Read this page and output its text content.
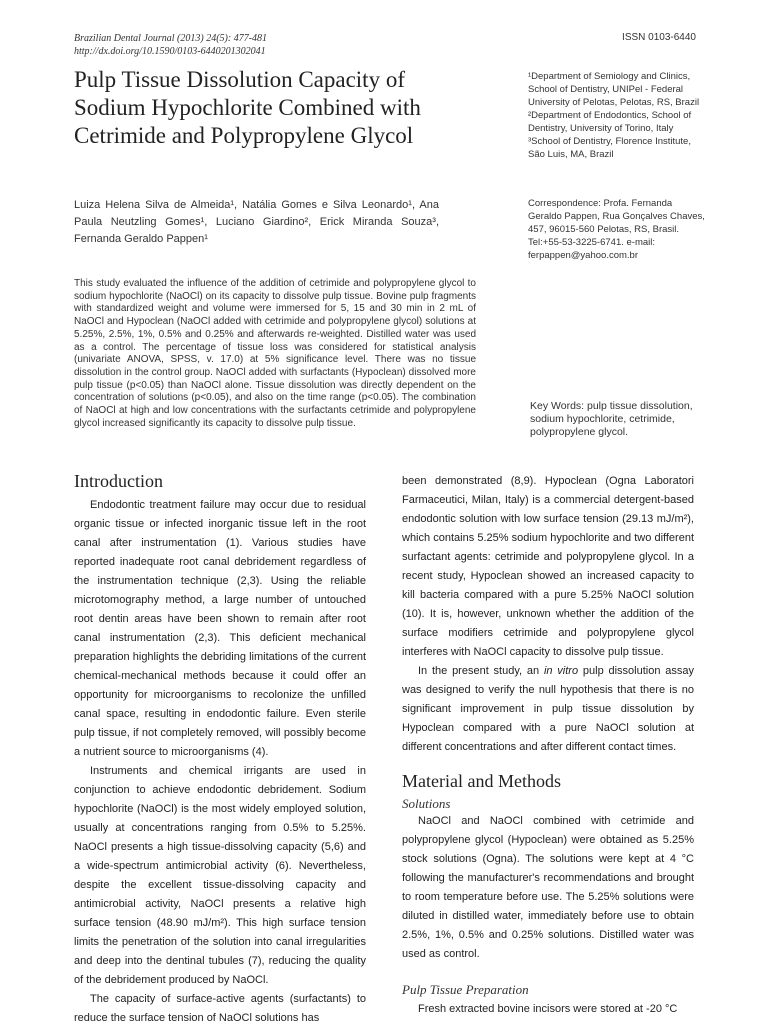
Brazilian Dental Journal (2013) 24(5): 477-481
http://dx.doi.org/10.1590/0103-6440201302041
ISSN 0103-6440
Pulp Tissue Dissolution Capacity of Sodium Hypochlorite Combined with Cetrimide and Polypropylene Glycol
¹Department of Semiology and Clinics, School of Dentistry, UNIPel - Federal University of Pelotas, Pelotas, RS, Brazil
²Department of Endodontics, School of Dentistry, University of Torino, Italy
³School of Dentistry, Florence Institute, São Luis, MA, Brazil
Luiza Helena Silva de Almeida¹, Natália Gomes e Silva Leonardo¹, Ana Paula Neutzling Gomes¹, Luciano Giardino², Erick Miranda Souza³, Fernanda Geraldo Pappen¹
Correspondence: Profa. Fernanda Geraldo Pappen, Rua Gonçalves Chaves, 457, 96015-560 Pelotas, RS, Brasil. Tel:+55-53-3225-6741. e-mail: ferpappen@yahoo.com.br
This study evaluated the influence of the addition of cetrimide and polypropylene glycol to sodium hypochlorite (NaOCl) on its capacity to dissolve pulp tissue. Bovine pulp fragments with standardized weight and volume were immersed for 5, 15 and 30 min in 2 mL of NaOCl and Hypoclean (NaOCl added with cetrimide and polypropylene glycol) solutions at 5.25%, 2.5%, 1%, 0.5% and 0.25% and afterwards re-weighted. Distilled water was used as a control. The percentage of tissue loss was considered for statistical analysis (univariate ANOVA, SPSS, v. 17.0) at 5% significance level. There was no tissue dissolution in the control group. NaOCl added with surfactants (Hypoclean) dissolved more pulp tissue (p<0.05) than NaOCl alone. Tissue dissolution was directly dependent on the concentration of solutions (p<0.05), and also on the time range (p<0.05). The combination of NaOCl at high and low concentrations with the surfactants cetrimide and polypropylene glycol increased significantly its capacity to dissolve pulp tissue.
Key Words: pulp tissue dissolution, sodium hypochlorite, cetrimide, polypropylene glycol.
Introduction

Endodontic treatment failure may occur due to residual organic tissue or infected inorganic tissue left in the root canal after instrumentation (1). Various studies have reported inadequate root canal debridement regardless of the instrumentation technique (2,3). Using the reliable microtomography method, a large number of untouched root dentin areas have been shown to remain after root canal instrumentation (2,3). This deficient mechanical preparation highlights the debriding limitations of the current chemical-mechanical methods because it could offer an opportunity for microorganisms to recolonize the unfilled canal space, resulting in endodontic failure. Even sterile pulp tissue, if not completely removed, will possibly become a nutrient source to microorganisms (4).

Instruments and chemical irrigants are used in conjunction to achieve endodontic debridement. Sodium hypochlorite (NaOCl) is the most widely employed solution, usually at concentrations ranging from 0.5% to 5.25%. NaOCl presents a high tissue-dissolving capacity (5,6) and a wide-spectrum antimicrobial activity (6). Nevertheless, despite the excellent tissue-dissolving capacity and antimicrobial activity, NaOCl presents a relative high surface tension (48.90 mJ/m²). This high surface tension limits the penetration of the solution into canal irregularities and deep into the dentinal tubules (7), reducing the quality of the debridement produced by NaOCl.

The capacity of surface-active agents (surfactants) to reduce the surface tension of NaOCl solutions has

been demonstrated (8,9). Hypoclean (Ogna Laboratori Farmaceutici, Milan, Italy) is a commercial detergent-based endodontic solution with low surface tension (29.13 mJ/m²), which contains 5.25% sodium hypochlorite and two different surfactant agents: cetrimide and polypropylene glycol. In a recent study, Hypoclean showed an increased capacity to kill bacteria compared with a pure 5.25% NaOCl solution (10). It is, however, unknown whether the addition of the surface modifiers cetrimide and polypropylene glycol interferes with NaOCl capacity to dissolve pulp tissue.

In the present study, an in vitro pulp dissolution assay was designed to verify the null hypothesis that there is no significant improvement in pulp tissue dissolution by Hypoclean compared with a pure NaOCl solution at different concentrations and after different contact times.

Material and Methods
Solutions

NaOCl and NaOCl combined with cetrimide and polypropylene glycol (Hypoclean) were obtained as 5.25% stock solutions (Ogna). The solutions were kept at 4 °C following the manufacturer's recommendations and brought to room temperature before use. The 5.25% solutions were diluted in distilled water, immediately before use to obtain 2.5%, 1%, 0.5% and 0.25% solutions. Distilled water was used as control.

Pulp Tissue Preparation

Fresh extracted bovine incisors were stored at -20 °C
